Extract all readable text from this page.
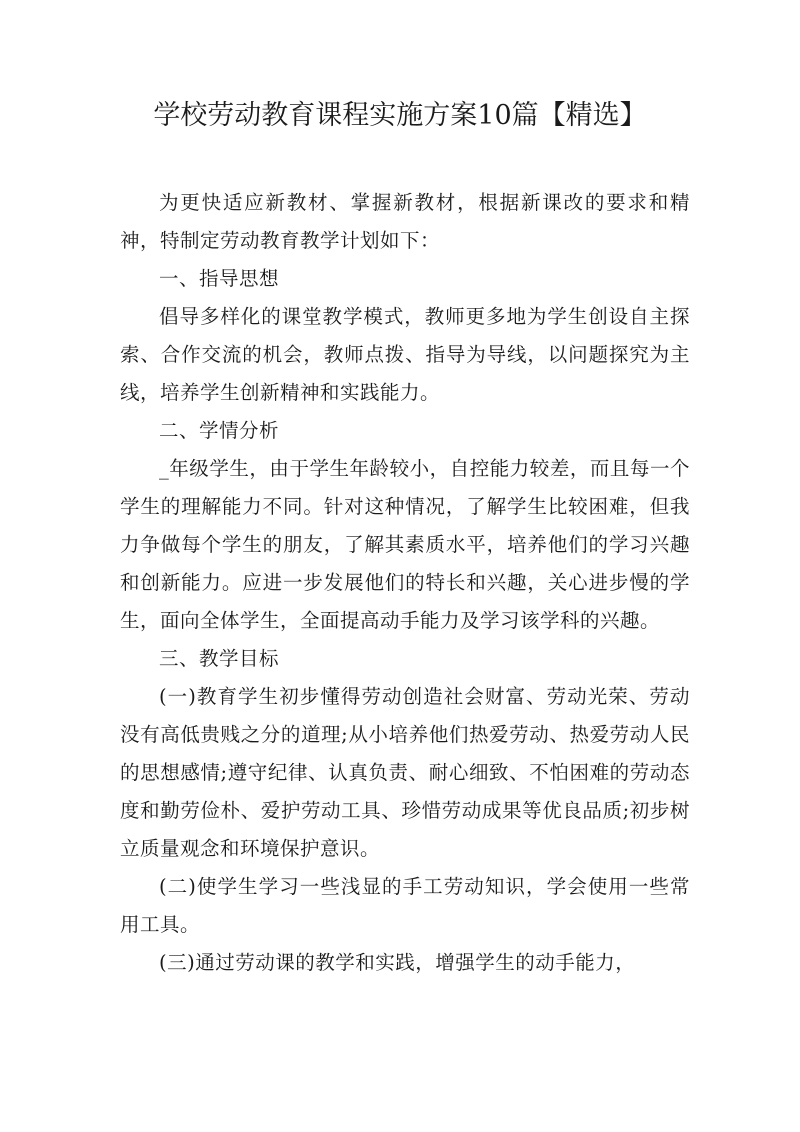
学校劳动教育课程实施方案10篇【精选】

为更快适应新教材、掌握新教材，根据新课改的要求和精神，特制定劳动教育教学计划如下：

一、指导思想

倡导多样化的课堂教学模式，教师更多地为学生创设自主探索、合作交流的机会，教师点拨、指导为导线，以问题探究为主线，培养学生创新精神和实践能力。

二、学情分析

_年级学生，由于学生年龄较小，自控能力较差，而且每一个学生的理解能力不同。针对这种情况，了解学生比较困难，但我力争做每个学生的朋友，了解其素质水平，培养他们的学习兴趣和创新能力。应进一步发展他们的特长和兴趣，关心进步慢的学生，面向全体学生，全面提高动手能力及学习该学科的兴趣。

三、教学目标

(一)教育学生初步懂得劳动创造社会财富、劳动光荣、劳动没有高低贵贱之分的道理;从小培养他们热爱劳动、热爱劳动人民的思想感情;遵守纪律、认真负责、耐心细致、不怕困难的劳动态度和勤劳俭朴、爱护劳动工具、珍惜劳动成果等优良品质;初步树立质量观念和环境保护意识。

(二)使学生学习一些浅显的手工劳动知识，学会使用一些常用工具。

(三)通过劳动课的教学和实践，增强学生的动手能力，
